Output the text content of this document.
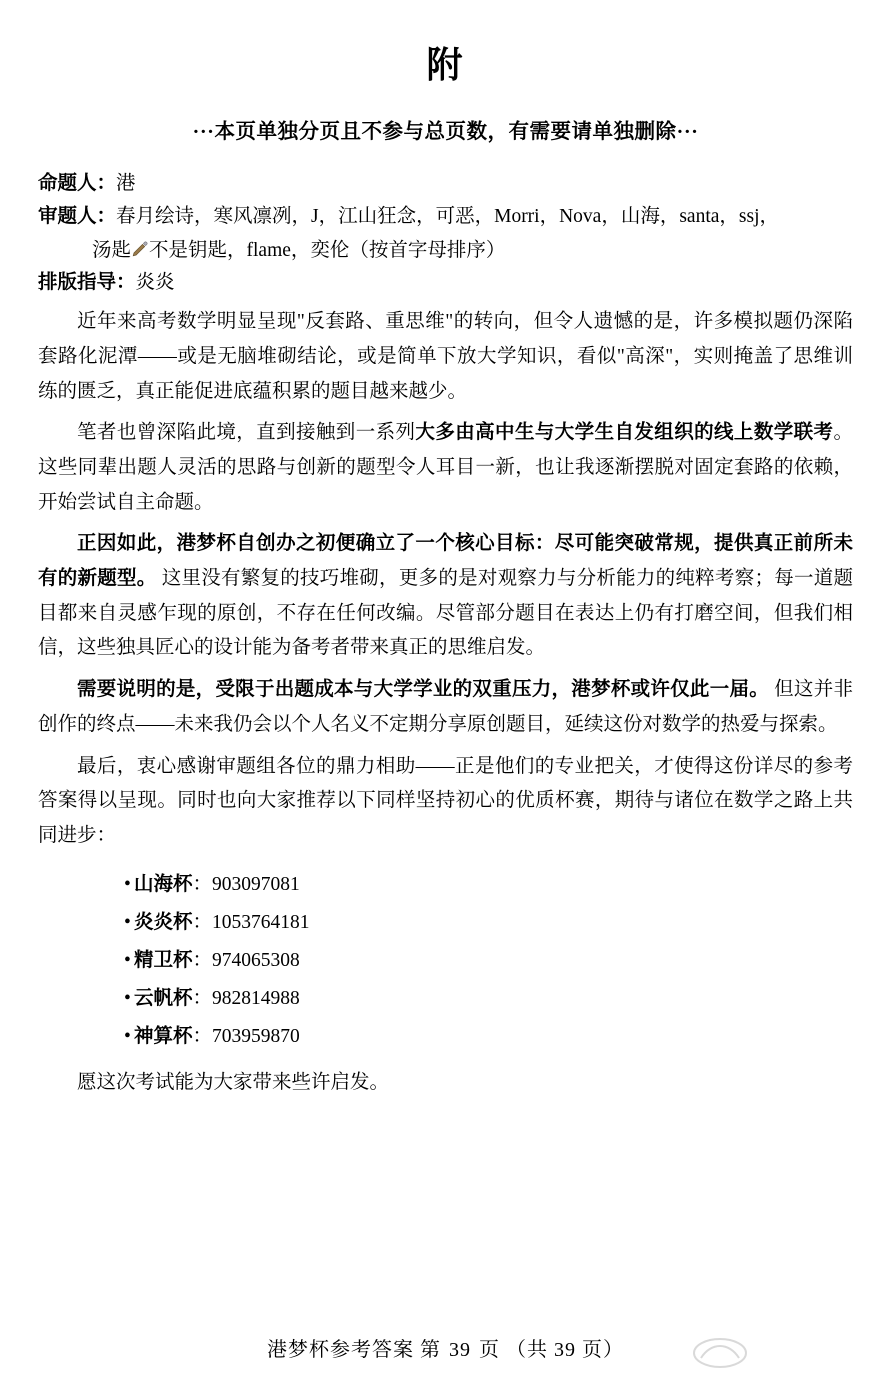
附
···本页单独分页且不参与总页数，有需要请单独删除···
命题人：港
审题人：春月绘诗，寒风凛冽，J，江山狂念，可恶，Morri，Nova，山海，santa，ssj，
汤匙 不是钥匙，flame，奕伦（按首字母排序）
排版指导：炎炎
近年来高考数学明显呈现"反套路、重思维"的转向，但令人遗憾的是，许多模拟题仍深陷套路化泥潭——或是无脑堆砌结论，或是简单下放大学知识，看似"高深"，实则掩盖了思维训练的匮乏，真正能促进底蕴积累的题目越来越少。
笔者也曾深陷此境，直到接触到一系列大多由高中生与大学生自发组织的线上数学联考。这些同辈出题人灵活的思路与创新的题型令人耳目一新，也让我逐渐摆脱对固定套路的依赖，开始尝试自主命题。
正因如此，港梦杯自创办之初便确立了一个核心目标：尽可能突破常规，提供真正前所未有的新题型。 这里没有繁复的技巧堆砌，更多的是对观察力与分析能力的纯粹考察；每一道题目都来自灵感乍现的原创，不存在任何改编。尽管部分题目在表达上仍有打磨空间，但我们相信，这些独具匠心的设计能为备考者带来真正的思维启发。
需要说明的是，受限于出题成本与大学学业的双重压力，港梦杯或许仅此一届。 但这并非创作的终点——未来我仍会以个人名义不定期分享原创题目，延续这份对数学的热爱与探索。
最后，衷心感谢审题组各位的鼎力相助——正是他们的专业把关，才使得这份详尽的参考答案得以呈现。同时也向大家推荐以下同样坚持初心的优质杯赛，期待与诸位在数学之路上共同进步：
• 山海杯：903097081
• 炎炎杯：1053764181
• 精卫杯：974065308
• 云帆杯：982814988
• 神算杯：703959870
愿这次考试能为大家带来些许启发。
港梦杯参考答案 第 39 页 （共 39 页）
